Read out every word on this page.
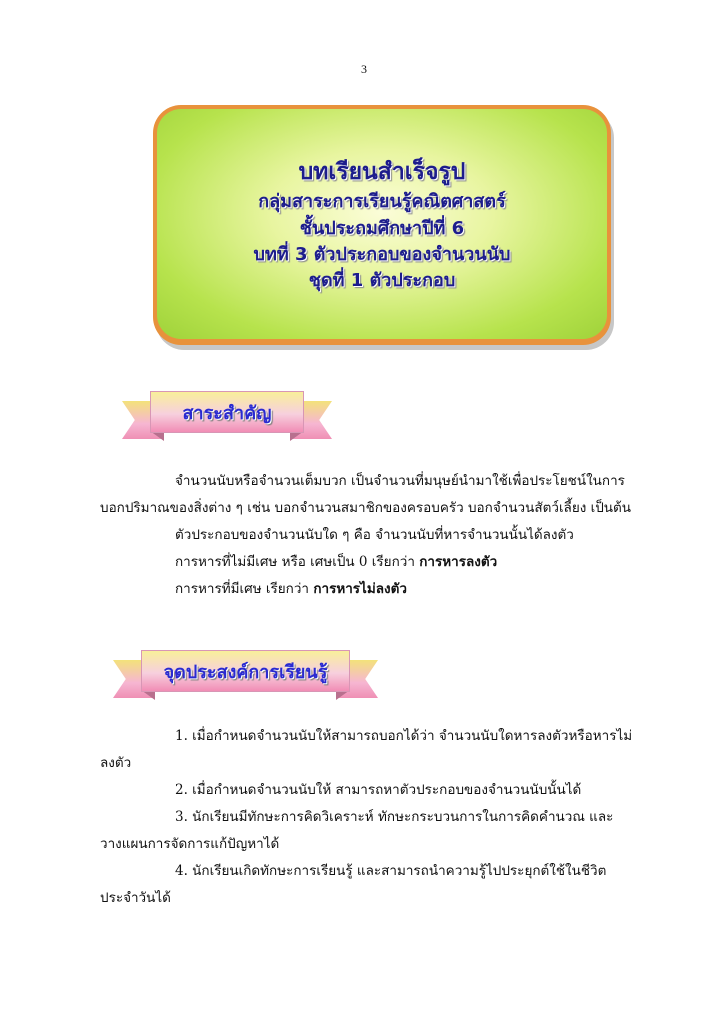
3
บทเรียนสำเร็จรูป
กลุ่มสาระการเรียนรู้คณิตศาสตร์
ชั้นประถมศึกษาปีที่ 6
บทที่ 3 ตัวประกอบของจำนวนนับ
ชุดที่ 1 ตัวประกอบ
สาระสำคัญ
จำนวนนับหรือจำนวนเต็มบวก เป็นจำนวนที่มนุษย์นำมาใช้เพื่อประโยชน์ในการ
บอกปริมาณของสิ่งต่าง ๆ เช่น บอกจำนวนสมาชิกของครอบครัว บอกจำนวนสัตว์เลี้ยง เป็นต้น
ตัวประกอบของจำนวนนับใด ๆ คือ จำนวนนับที่หารจำนวนนั้นได้ลงตัว
การหารที่ไม่มีเศษ หรือ เศษเป็น 0 เรียกว่า การหารลงตัว
การหารที่มีเศษ เรียกว่า การหารไม่ลงตัว
จุดประสงค์การเรียนรู้
1. เมื่อกำหนดจำนวนนับให้สามารถบอกได้ว่า จำนวนนับใดหารลงตัวหรือหารไม่
ลงตัว
2. เมื่อกำหนดจำนวนนับให้ สามารถหาตัวประกอบของจำนวนนับนั้นได้
3. นักเรียนมีทักษะการคิดวิเคราะห์ ทักษะกระบวนการในการคิดคำนวณ และ
วางแผนการจัดการแก้ปัญหาได้
4. นักเรียนเกิดทักษะการเรียนรู้ และสามารถนำความรู้ไปประยุกต์ใช้ในชีวิต
ประจำวันได้
